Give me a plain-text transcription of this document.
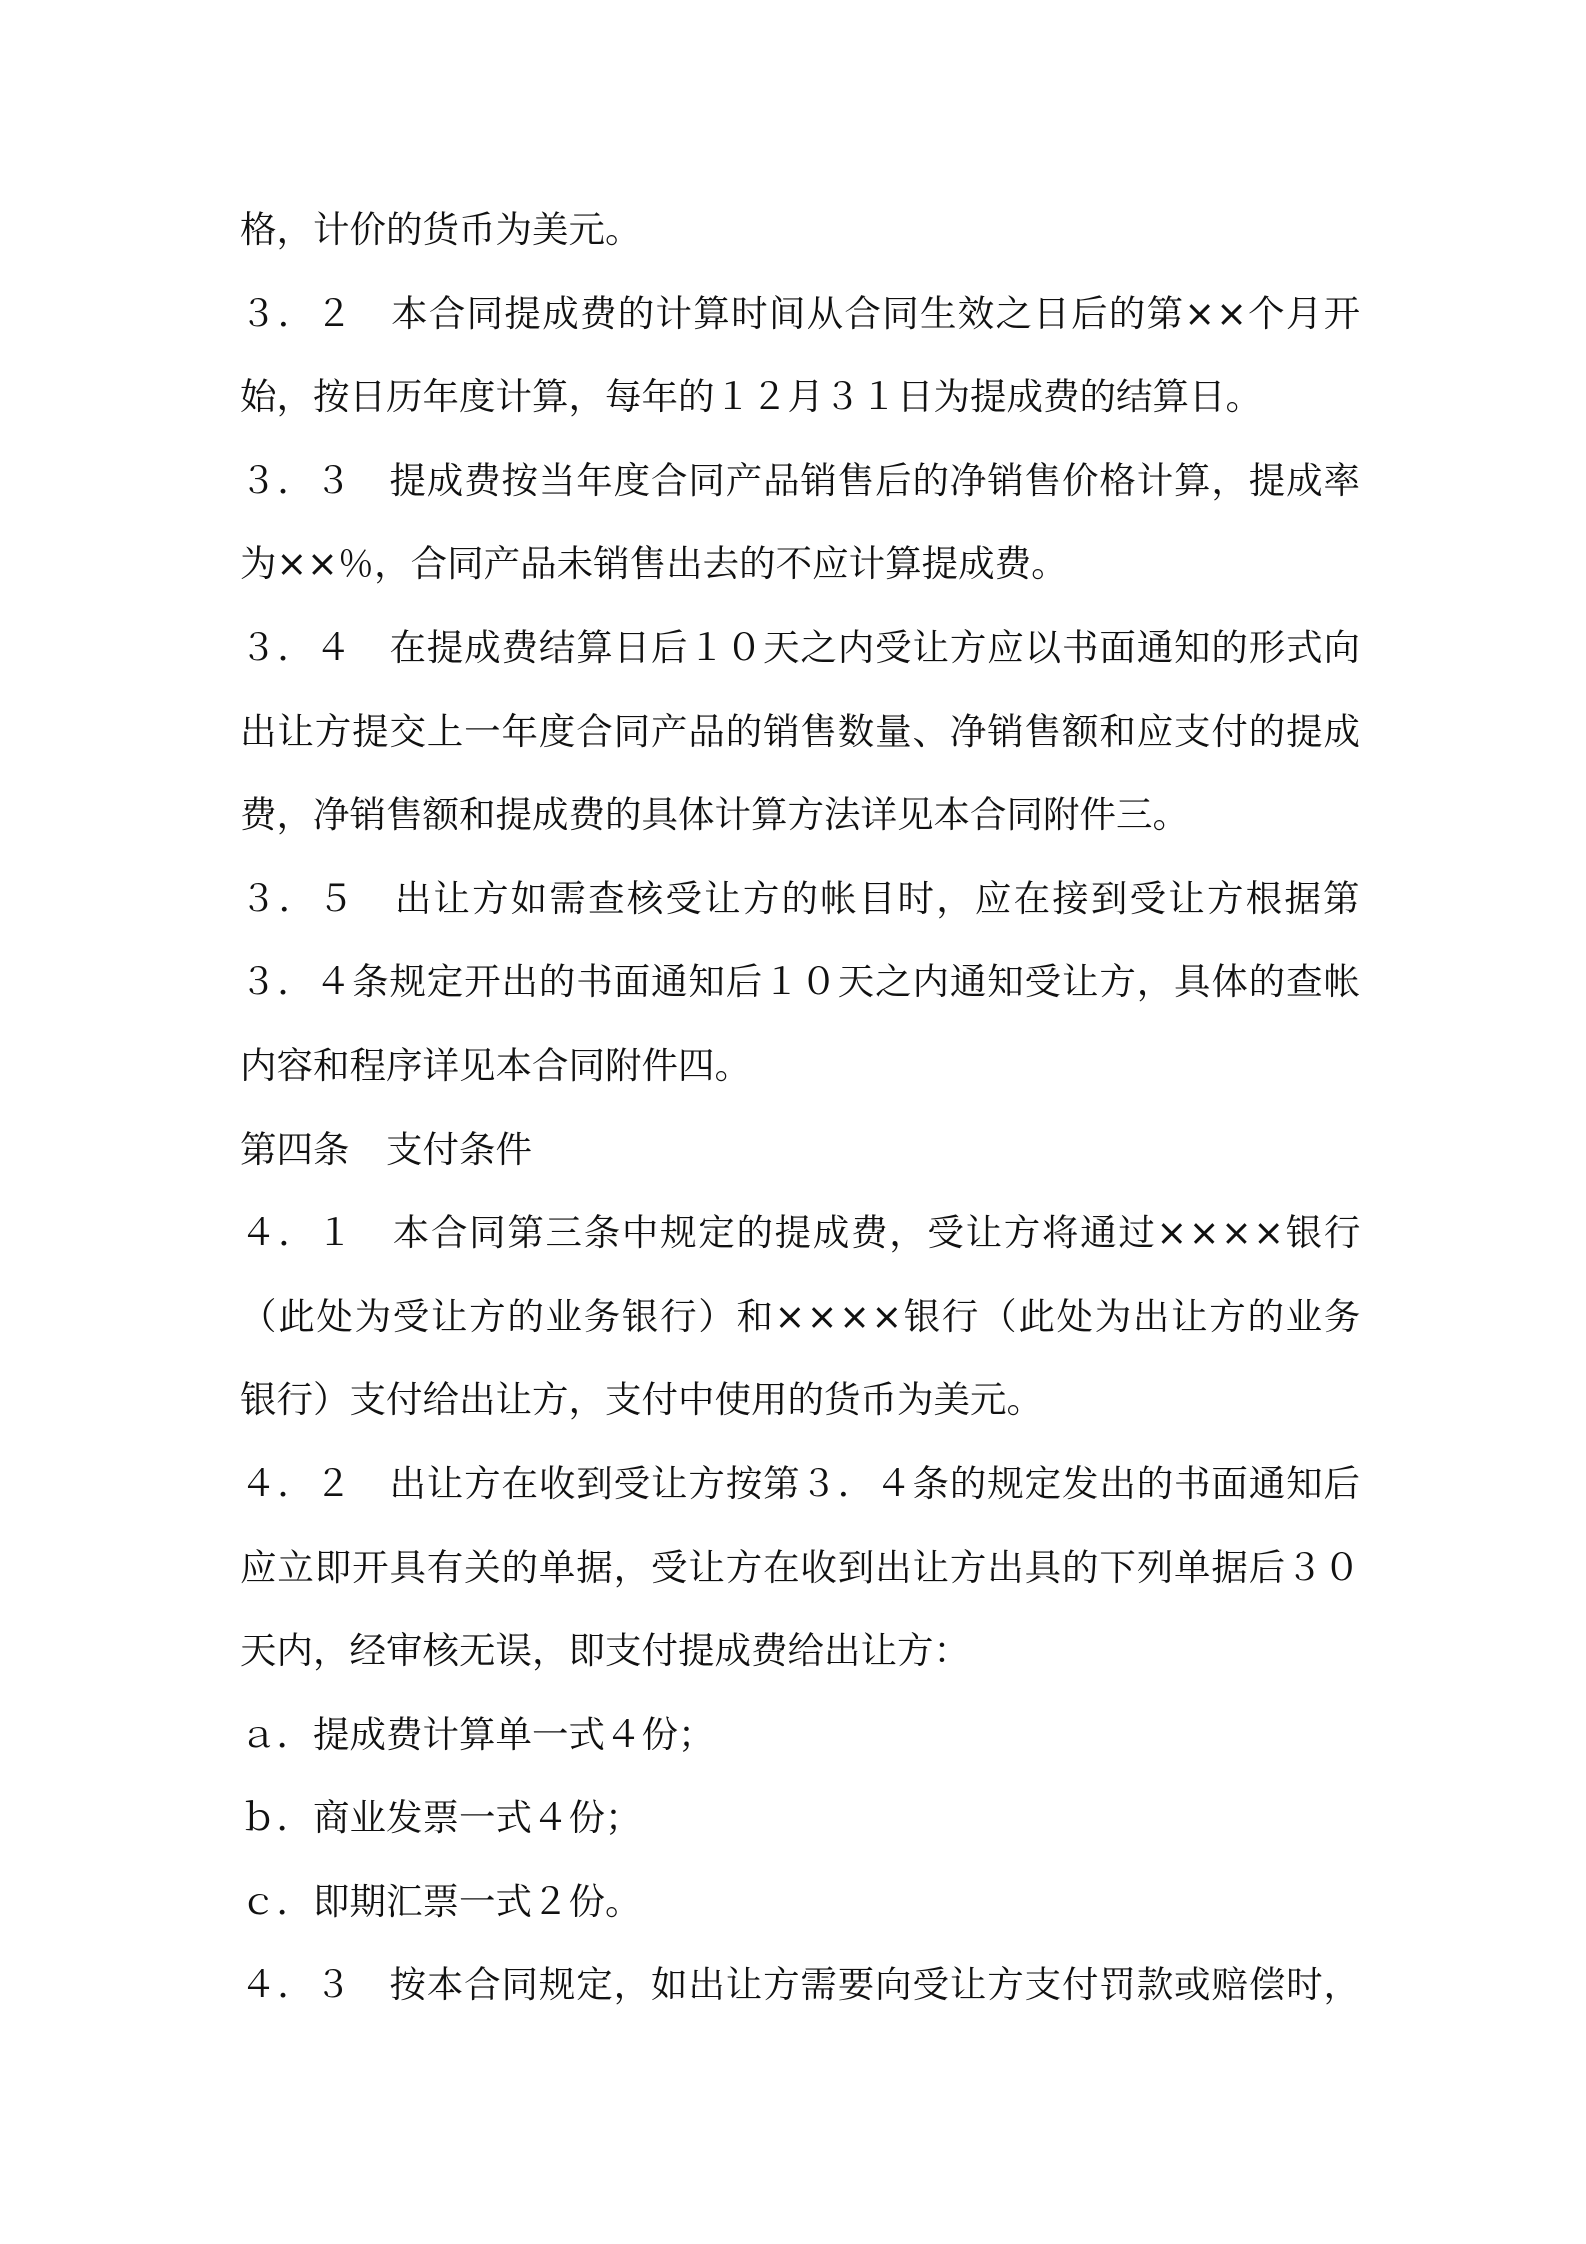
格，计价的货币为美元。
３．２　本合同提成费的计算时间从合同生效之日后的第××个月开
始，按日历年度计算，每年的１２月３１日为提成费的结算日。
３．３　提成费按当年度合同产品销售后的净销售价格计算，提成率
为××％，合同产品未销售出去的不应计算提成费。
３．４　在提成费结算日后１０天之内受让方应以书面通知的形式向
出让方提交上一年度合同产品的销售数量、净销售额和应支付的提成
费，净销售额和提成费的具体计算方法详见本合同附件三。
３．５　出让方如需查核受让方的帐目时，应在接到受让方根据第
３．４条规定开出的书面通知后１０天之内通知受让方，具体的查帐
内容和程序详见本合同附件四。
第四条　支付条件
４．１　本合同第三条中规定的提成费，受让方将通过××××银行
（此处为受让方的业务银行）和××××银行（此处为出让方的业务
银行）支付给出让方，支付中使用的货币为美元。
４．２　出让方在收到受让方按第３．４条的规定发出的书面通知后
应立即开具有关的单据，受让方在收到出让方出具的下列单据后３０
天内，经审核无误，即支付提成费给出让方：
ａ．提成费计算单一式４份；
ｂ．商业发票一式４份；
ｃ．即期汇票一式２份。
４．３　按本合同规定，如出让方需要向受让方支付罚款或赔偿时，
